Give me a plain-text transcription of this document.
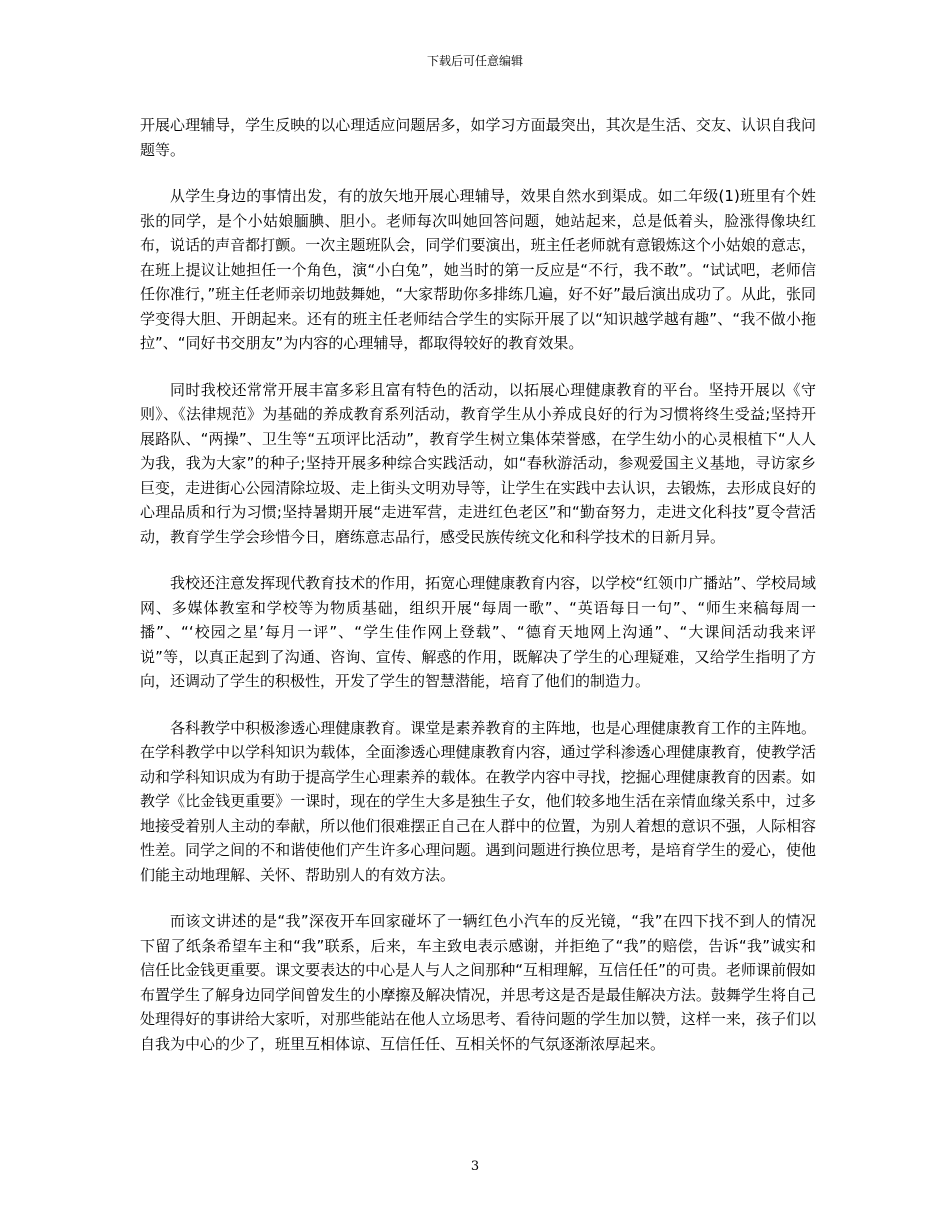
下载后可任意编辑

开展心理辅导，学生反映的以心理适应问题居多，如学习方面最突出，其次是生活、交友、认识自我问题等。

从学生身边的事情出发，有的放矢地开展心理辅导，效果自然水到渠成。如二年级(1)班里有个姓张的同学，是个小姑娘腼腆、胆小。老师每次叫她回答问题，她站起来，总是低着头，脸涨得像块红布，说话的声音都打颤。一次主题班队会，同学们要演出，班主任老师就有意锻炼这个小姑娘的意志，在班上提议让她担任一个角色，演“小白兔”，她当时的第一反应是“不行，我不敢”。“试试吧，老师信任你准行，”班主任老师亲切地鼓舞她，“大家帮助你多排练几遍，好不好”最后演出成功了。从此，张同学变得大胆、开朗起来。还有的班主任老师结合学生的实际开展了以“知识越学越有趣”、“我不做小拖拉”、“同好书交朋友”为内容的心理辅导，都取得较好的教育效果。

同时我校还常常开展丰富多彩且富有特色的活动，以拓展心理健康教育的平台。坚持开展以《守则》、《法律规范》为基础的养成教育系列活动，教育学生从小养成良好的行为习惯将终生受益;坚持开展路队、“两操”、卫生等“五项评比活动”，教育学生树立集体荣誉感，在学生幼小的心灵根植下“人人为我，我为大家”的种子;坚持开展多种综合实践活动，如“春秋游活动，参观爱国主义基地，寻访家乡巨变，走进街心公园清除垃圾、走上街头文明劝导等，让学生在实践中去认识，去锻炼，去形成良好的心理品质和行为习惯;坚持暑期开展“走进军营，走进红色老区”和“勤奋努力，走进文化科技”夏令营活动，教育学生学会珍惜今日，磨练意志品行，感受民族传统文化和科学技术的日新月异。

我校还注意发挥现代教育技术的作用，拓宽心理健康教育内容，以学校“红领巾广播站”、学校局域网、多媒体教室和学校等为物质基础，组织开展“每周一歌”、“英语每日一句”、“师生来稿每周一播”、“‘校园之星’每月一评”、“学生佳作网上登载”、“德育天地网上沟通”、“大课间活动我来评说”等，以真正起到了沟通、咨询、宣传、解惑的作用，既解决了学生的心理疑难，又给学生指明了方向，还调动了学生的积极性，开发了学生的智慧潜能，培育了他们的制造力。

各科教学中积极渗透心理健康教育。课堂是素养教育的主阵地，也是心理健康教育工作的主阵地。在学科教学中以学科知识为载体，全面渗透心理健康教育内容，通过学科渗透心理健康教育，使教学活动和学科知识成为有助于提高学生心理素养的载体。在教学内容中寻找，挖掘心理健康教育的因素。如教学《比金钱更重要》一课时，现在的学生大多是独生子女，他们较多地生活在亲情血缘关系中，过多地接受着别人主动的奉献，所以他们很难摆正自己在人群中的位置，为别人着想的意识不强，人际相容性差。同学之间的不和谐使他们产生许多心理问题。遇到问题进行换位思考，是培育学生的爱心，使他们能主动地理解、关怀、帮助别人的有效方法。

而该文讲述的是“我”深夜开车回家碰坏了一辆红色小汽车的反光镜，“我”在四下找不到人的情况下留了纸条希望车主和“我”联系，后来，车主致电表示感谢，并拒绝了“我”的赔偿，告诉“我”诚实和信任比金钱更重要。课文要表达的中心是人与人之间那种“互相理解，互信任任”的可贵。老师课前假如布置学生了解身边同学间曾发生的小摩擦及解决情况，并思考这是否是最佳解决方法。鼓舞学生将自己处理得好的事讲给大家听，对那些能站在他人立场思考、看待问题的学生加以赞，这样一来，孩子们以自我为中心的少了，班里互相体谅、互信任任、互相关怀的气氛逐渐浓厚起来。

3
